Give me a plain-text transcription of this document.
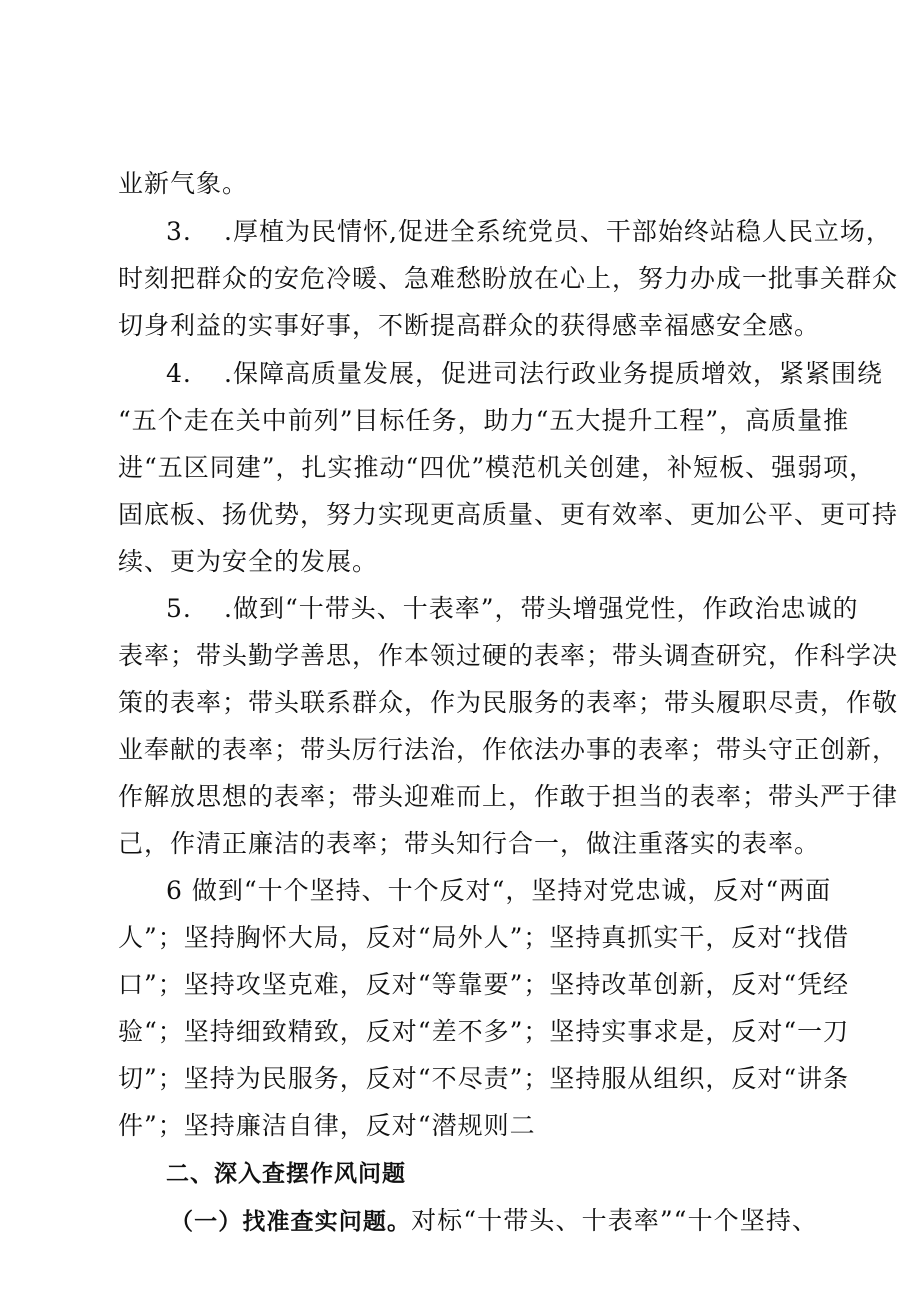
业新气象。
3. .厚植为民情怀,促进全系统党员、干部始终站稳人民立场，
时刻把群众的安危冷暖、急难愁盼放在心上，努力办成一批事关群众
切身利益的实事好事，不断提高群众的获得感幸福感安全感。
4. .保障高质量发展，促进司法行政业务提质增效，紧紧围绕
“五个走在关中前列”目标任务，助力“五大提升工程”，高质量推
进“五区同建”，扎实推动“四优”模范机关创建，补短板、强弱项，
固底板、扬优势，努力实现更高质量、更有效率、更加公平、更可持
续、更为安全的发展。
5. .做到“十带头、十表率”，带头增强党性，作政治忠诚的
表率；带头勤学善思，作本领过硬的表率；带头调查研究，作科学决
策的表率；带头联系群众，作为民服务的表率；带头履职尽责，作敬
业奉献的表率；带头厉行法治，作依法办事的表率；带头守正创新，
作解放思想的表率；带头迎难而上，作敢于担当的表率；带头严于律
己，作清正廉洁的表率；带头知行合一，做注重落实的表率。
6 做到“十个坚持、十个反对“，坚持对党忠诚，反对“两面
人”；坚持胸怀大局，反对“局外人”；坚持真抓实干，反对“找借
口”；坚持攻坚克难，反对“等靠要”；坚持改革创新，反对“凭经
验“；坚持细致精致，反对“差不多”；坚持实事求是，反对“一刀
切”；坚持为民服务，反对“不尽责”；坚持服从组织，反对“讲条
件”；坚持廉洁自律，反对“潜规则二
二、深入查摆作风问题
（一）找准查实问题。对标“十带头、十表率”“十个坚持、
